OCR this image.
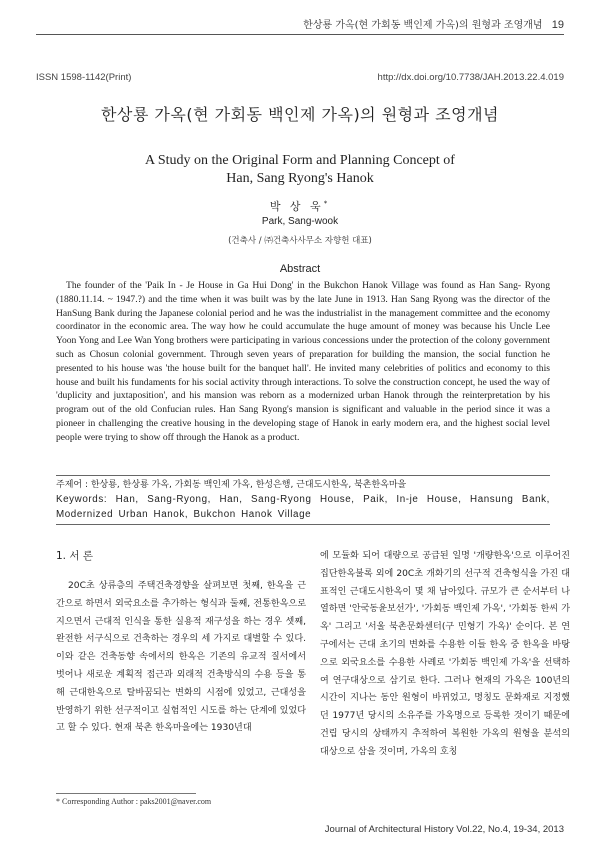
한상룡 가옥(현 가회동 백인제 가옥)의 원형과 조영개념 19
ISSN 1598-1142(Print)	http://dx.doi.org/10.7738/JAH.2013.22.4.019
한상룡 가옥(현 가회동 백인제 가옥)의 원형과 조영개념
A Study on the Original Form and Planning Concept of
Han, Sang Ryong's Hanok
박 상 욱*
Park, Sang-wook
(건축사 / ㈜건축사사무소 자향헌 대표)
Abstract

The founder of the 'Paik In - Je House in Ga Hui Dong' in the Bukchon Hanok Village was found as Han Sang- Ryong (1880.11.14. ~ 1947.?) and the time when it was built was by the late June in 1913. Han Sang Ryong was the director of the HanSung Bank during the Japanese colonial period and he was the industrialist in the management committee and the economy coordinator in the economic area. The way how he could accumulate the huge amount of money was because his Uncle Lee Yoon Yong and Lee Wan Yong brothers were participating in various concessions under the protection of the colony government such as Chosun colonial government. Through seven years of preparation for building the mansion, the social function he presented to his house was 'the house built for the banquet hall'. He invited many celebrities of politics and economy to this house and built his fundaments for his social activity through interactions. To solve the construction concept, he used the way of 'duplicity and juxtaposition', and his mansion was reborn as a modernized urban Hanok through the reinterpretation by his program out of the old Confucian rules. Han Sang Ryong's mansion is significant and valuable in the period since it was a pioneer in challenging the creative housing in the developing stage of Hanok in early modern era, and the highest social level people were trying to show off through the Hanok as a product.

주제어 : 한상룡, 한상룡 가옥, 가회동 백인제 가옥, 한성은행, 근대도시한옥, 북촌한옥마을
Keywords: Han, Sang-Ryong, Han, Sang-Ryong House, Paik, In-je House, Hansung Bank, Modernized Urban Hanok, Bukchon Hanok Village
1. 서 론

20C초 상류층의 주택건축경향을 살펴보면 첫째, 한옥을 근간으로 하면서 외국요소를 추가하는 형식과 둘째, 전통한옥으로 지으면서 근대적 인식을 통한 실용적 재구성을 하는 경우 셋째, 완전한 서구식으로 건축하는 경우의 세 가지로 대별할 수 있다. 이와 같은 건축동향 속에서의 한옥은 기존의 유교적 질서에서 벗어나 새로운 계획적 접근과 외래적 건축방식의 수용 등을 통해 근대한옥으로 탈바꿈되는 변화의 시점에 있었고, 근대성을 반영하기 위한 선구적이고 실험적인 시도를 하는 단계에 있었다고 할 수 있다. 현재 북촌 한옥마을에는 1930년대

에 모듈화 되어 대량으로 공급된 일명 '개량한옥'으로 이루어진 집단한옥불록 외에 20C초 개화기의 선구적 건축형식을 가진 대표적인 근대도시한옥이 몇 채 남아있다. 규모가 큰 순서부터 나열하면 '안국동윤보선가', '가회동 백인제 가옥', '가회동 한씨 가옥' 그리고 '서울 북촌문화센터(구 민형기 가옥)' 순이다. 본 연구에서는 근대 초기의 변화를 수용한 이들 한옥 중 한옥을 바탕으로 외국요소를 수용한 사례로 '가회동 백인제 가옥'을 선택하여 연구대상으로 삼기로 한다. 그러나 현재의 가옥은 100년의 시간이 지나는 동안 원형이 바뀌었고, 명칭도 문화재로 지정했던 1977년 당시의 소유주를 가옥명으로 등록한 것이기 때문에 건립 당시의 상태까지 추적하여 복원한 가옥의 원형을 분석의 대상으로 삼을 것이며, 가옥의 호칭

* Corresponding Author : paks2001@naver.com
Journal of Architectural History Vol.22, No.4, 19-34, 2013
